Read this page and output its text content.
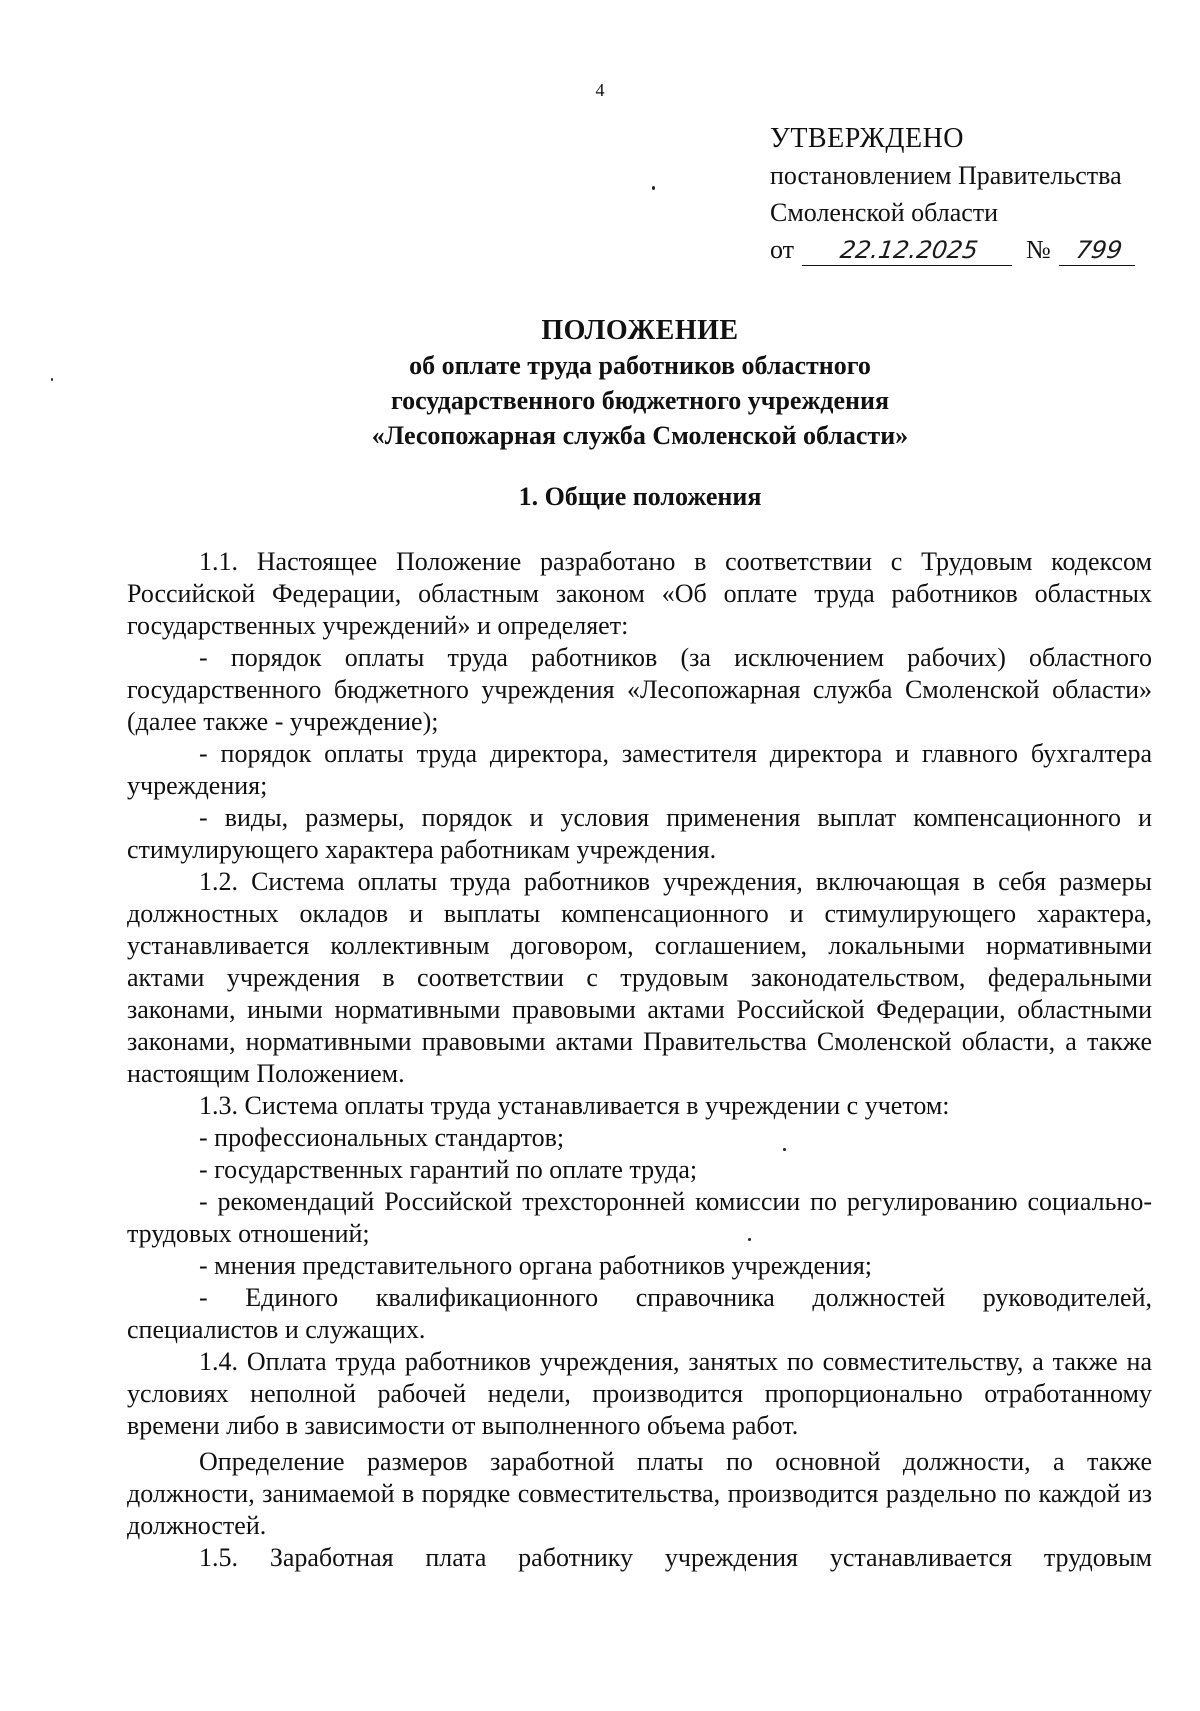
4
УТВЕРЖДЕНО
постановлением Правительства
Смоленской области
от	22.12.2025	№ 799
ПОЛОЖЕНИЕ
об оплате труда работников областного
государственного бюджетного учреждения
«Лесопожарная служба Смоленской области»
1. Общие положения

1.1. Настоящее Положение разработано в соответствии с Трудовым кодексом Российской Федерации, областным законом «Об оплате труда работников областных государственных учреждений» и определяет:

- порядок оплаты труда работников (за исключением рабочих) областного государственного бюджетного учреждения «Лесопожарная служба Смоленской области» (далее также - учреждение);

- порядок оплаты труда директора, заместителя директора и главного бухгалтера учреждения;

- виды, размеры, порядок и условия применения выплат компенсационного и стимулирующего характера работникам учреждения.

1.2. Система оплаты труда работников учреждения, включающая в себя размеры должностных окладов и выплаты компенсационного и стимулирующего характера, устанавливается коллективным договором, соглашением, локальными нормативными актами учреждения в соответствии с трудовым законодательством, федеральными законами, иными нормативными правовыми актами Российской Федерации, областными законами, нормативными правовыми актами Правительства Смоленской области, а также настоящим Положением.

1.3. Система оплаты труда устанавливается в учреждении с учетом:

- профессиональных стандартов;

- государственных гарантий по оплате труда;

- рекомендаций Российской трехсторонней комиссии по регулированию социально-трудовых отношений;

- мнения представительного органа работников учреждения;

- Единого квалификационного справочника должностей руководителей, специалистов и служащих.

1.4. Оплата труда работников учреждения, занятых по совместительству, а также на условиях неполной рабочей недели, производится пропорционально отработанному времени либо в зависимости от выполненного объема работ.

Определение размеров заработной платы по основной должности, а также должности, занимаемой в порядке совместительства, производится раздельно по каждой из должностей.

1.5. Заработная плата работнику учреждения устанавливается трудовым
